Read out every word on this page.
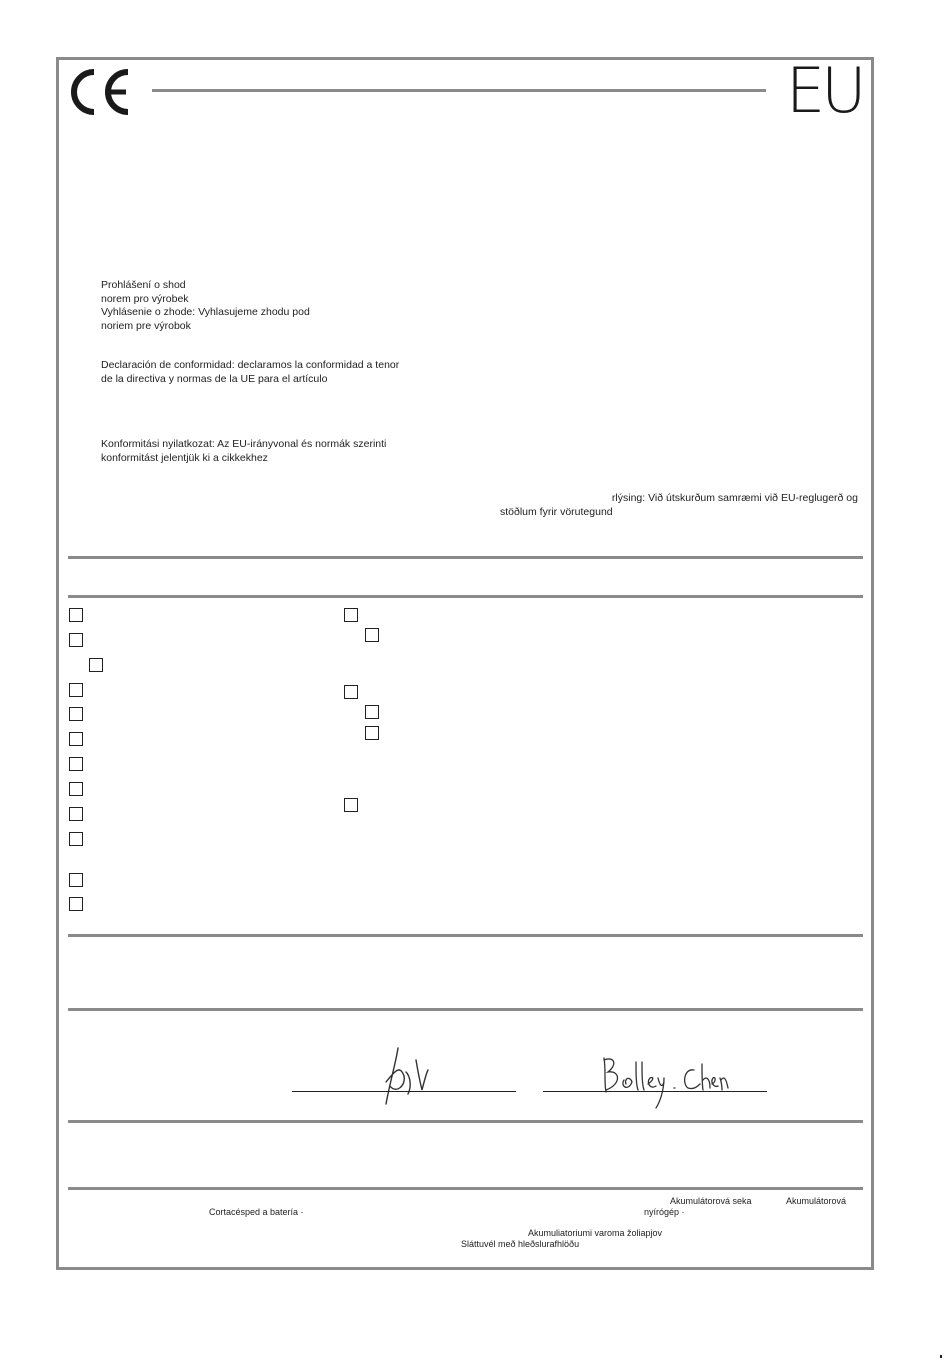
EU
Prohlášení o shod
norem pro výrobek
Vyhlásenie o zhode: Vyhlasujeme zhodu pod
noriem pre výrobok
Declaración de conformidad: declaramos la conformidad a tenor
de la directiva y normas de la UE para el artículo
Konformitási nyilatkozat: Az EU-irányvonal és normák szerinti
konformitást jelentjük ki a cikkekhez
rlýsing: Við útskurðum samræmi við EU-reglugerð og
stöðlum fyrir vörutegund
Akumulátorová seka	Akumulátorová
Cortacésped a batería ·	nyírógép ·
Akumuliatoriumi varoma žoliapjov
Sláttuvél með hleðslurafhlöðu
